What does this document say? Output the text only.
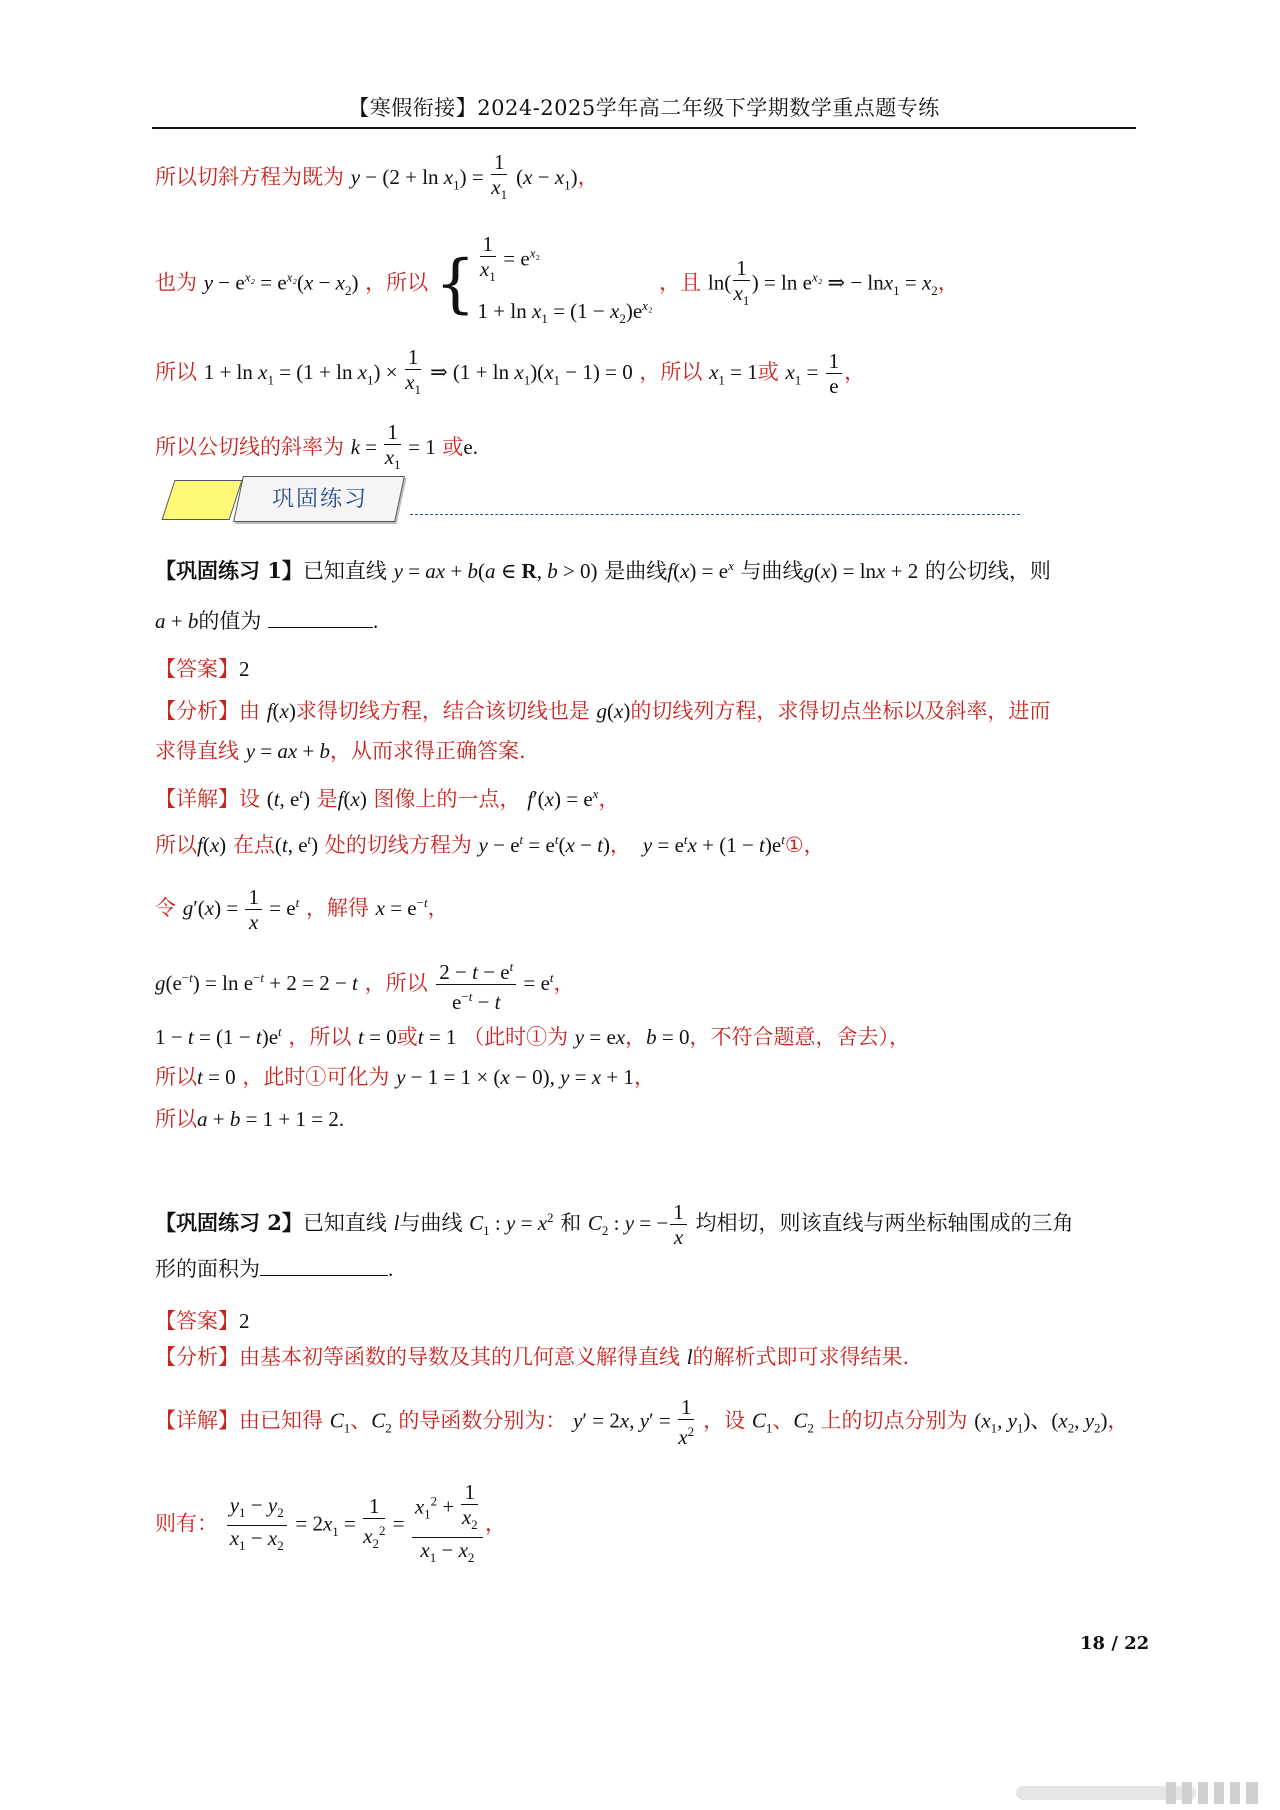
【寒假衔接】2024-2025学年高二年级下学期数学重点题专练
所以切斜方程为既为 $y - (2 + \ln x_1) = \frac{1}{x_1} (x - x_1)$，
也为 $y - e^{x_2} = e^{x_2}(x - x_2)$ ，所以 { $\frac{1}{x_1} = e^{x_2}$
$1 + \ln x_1 = (1 - x_2)e^{x_2}$
，且 $\ln( \frac{1}{x_1}$ ) = $\ln e^{x_2}$ ⇒ − $\ln x_1 = x_2$，
所以 $1 + \ln x_1 = (1 + \ln x_1) \times \frac{1}{x_1}$ ⇒ $(1 + \ln x_1)(x_1 - 1) = 0$ ，所以 $x_1 = 1$或 $x_1 = \frac{1}{e}$ ，
所以公切线的斜率为 $k = \frac{1}{x_1} = 1$ 或e.
巩固练习
【巩固练习 1】已知直线 y = ax + b(a ∈ R, b > 0) 是曲线$f(x) = e^x$ 与曲线g(x) = lnx + 2 的公切线，则
a + b的值为	.
【答案】2
【分析】由 f(x)求得切线方程，结合该切线也是 g(x)的切线列方程，求得切点坐标以及斜率，进而
求得直线 y = ax + b，从而求得正确答案.
【详解】设 (t, $e^t$) 是f(x) 图像上的一点， $f'(x) = e^x$，
所以f(x) 在点(t, $e^t$) 处的切线方程为 $y - e^t = e^t(x - t)$，  $y = e^tx + (1$ − $t)e^t①$，
令 $g'(x) = \frac{1}{x} = e^t$ ，解得 $x = e^{-t}$，
$g(e^{-t}) = \ln e^{-t} + 2 = 2 - t$ ，所以 $\frac{2 - t - e^t}{e^{-t} - t} = e^t$，
$1 - t = (1 - t)e^t$ ，所以 t = 0或t = 1 （此时①为 y = ex，b = 0，不符合题意，舍去），
所以t = 0 ，此时①可化为 y − 1 = 1 × (x − 0), y = x + 1，
所以a + b = 1 + 1 = 2.
【巩固练习 2】已知直线 l与曲线 $C_1$ : $y = x^2$ 和 $C_2$ : y = − $\frac{1}{x}$ 均相切，则该直线与两坐标轴围成的三角
形的面积为	.
【答案】2
【分析】由基本初等函数的导数及其的几何意义解得直线 l的解析式即可求得结果.
【详解】由已知得 $C_1$、$C_2$ 的导函数分别为： y′ = 2x, $y' = \frac{1}{x^2}$ ，设 $C_1$、$C_2$ 上的切点分别为 ($x_1$, $y_1$)、($x_2$, $y_2$)，
则有： $\frac{y_1 - y_2}{x_1 - x_2} = 2x_1 = \frac{1}{x_2^2} = \frac{x_1^2 + \frac{1}{x_2}}{x_1 - x_2}$ ，
18 / 22
